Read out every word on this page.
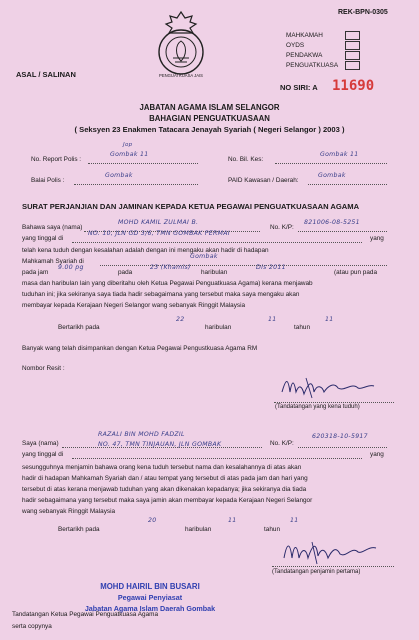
REK-BPN-0305
PENGUATKUASA JAIS
MAHKAMAH
OYDS
PENDAKWA
PENGUATKUASA
ASAL / SALINAN
NO SIRI: A 11690
JABATAN AGAMA ISLAM SELANGOR
BAHAGIAN PENGUATKUASAAN
( Seksyen 23 Enakmen Tatacara Jenayah Syariah ( Negeri Selangor ) 2003 )
No. Report Polis :
Gombak 11
Jop
No. Bil. Kes:
Gombak 11
Balai Polis :
Gombak
PAID Kawasan / Daerah:
Gombak
SURAT PERJANJIAN DAN JAMINAN KEPADA KETUA PEGAWAI PENGUATKUASAAN AGAMA
Bahawa saya (nama)
MOHD KAMIL ZULMAI B.
No. K/P:
821006-08-5251
yang tinggal di
NO. 10, JLN GD 3/6, TMN GOMBAK PERMAI
yang
telah kena tuduh dengan kesalahan adalah dengan ini mengaku akan hadir di hadapan
Mahkamah Syariah di
Gombak
pada jam
9.00 pg
pada
23 (Khamis)
haribulan
Dis 2011
(atau pun pada
masa dan haribulan lain yang diberitahu oleh Ketua Pegawai Penguatkuasa Agama) kerana menjawab
tuduhan ini; jika sekiranya saya tiada hadir sebagaimana yang tersebut maka saya mengaku akan
membayar kepada Kerajaan Negeri Selangor wang sebanyak Ringgit Malaysia
Bertarikh pada
22
haribulan
11
tahun
11
Banyak wang telah disimpankan dengan Ketua Pegawai Pengustkuasa Agama RM
Nombor Resit :
(Tandatangan yang kena tuduh)
Saya (nama)
RAZALI BIN MOHD FADZIL
No. K/P:
620318-10-5917
yang tinggal di
NO. 47, TMN TINJAUAN, JLN GOMBAK
yang
sesungguhnya menjamin bahawa orang kena tuduh tersebut nama dan kesalahannya di atas akan
hadir di hadapan Mahkamah Syariah dan / atau tempat yang tersebut di atas pada jam dan hari yang
tersebut di atas kerana menjawab tuduhan yang akan dikenakan kepadanya; jika sekiranya dia tiada
hadir sebagaimana yang tersebut maka saya jamin akan membayar kepada Kerajaan Negeri Selangor
wang sebanyak Ringgit Malaysia
Bertarikh pada
20
haribulan
11
tahun
11
(Tandatangan penjamin pertama)
MOHD HAIRIL BIN BUSARI
Pegawai Penyiasat
Jabatan Agama Islam Daerah Gombak
Tandatangan Ketua Pegawai Penguatkuasa Agama
serta copynya
